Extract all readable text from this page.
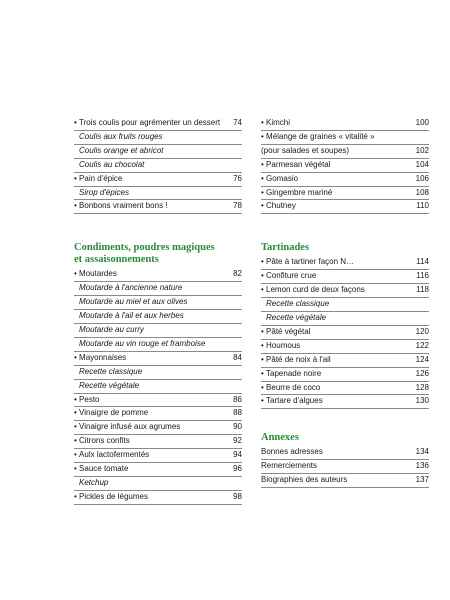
• Trois coulis pour agrémenter un dessert	74
Coulis aux fruits rouges
Coulis orange et abricot
Coulis au chocolat
• Pain d'épice	76
Sirop d'épices
• Bonbons vraiment bons !	78
Condiments, poudres magiques
et assaisonnements
• Moutardes	82
Moutarde à l'ancienne nature
Moutarde au miel et aux olives
Moutarde à l'ail et aux herbes
Moutarde au curry
Moutarde au vin rouge et framboise
• Mayonnaises	84
Recette classique
Recette végétale
• Pesto	86
• Vinaigre de pomme	88
• Vinaigre infusé aux agrumes	90
• Citrons confits	92
• Aulx lactofermentés	94
• Sauce tomate	96
Ketchup
• Pickles de légumes	98
• Kimchi	100
• Mélange de graines « vitalité »
(pour salades et soupes)	102
• Parmesan végétal	104
• Gomasio	106
• Gingembre mariné	108
• Chutney	110
Tartinades
• Pâte à tartiner façon N…	114
• Confiture crue	116
• Lemon curd de deux façons	118
Recette classique
Recette végétale
• Pâté végétal	120
• Houmous	122
• Pâté de noix à l'ail	124
• Tapenade noire	126
• Beurre de coco	128
• Tartare d'algues	130
Annexes
Bonnes adresses	134
Remerciements	136
Biographies des auteurs	137
